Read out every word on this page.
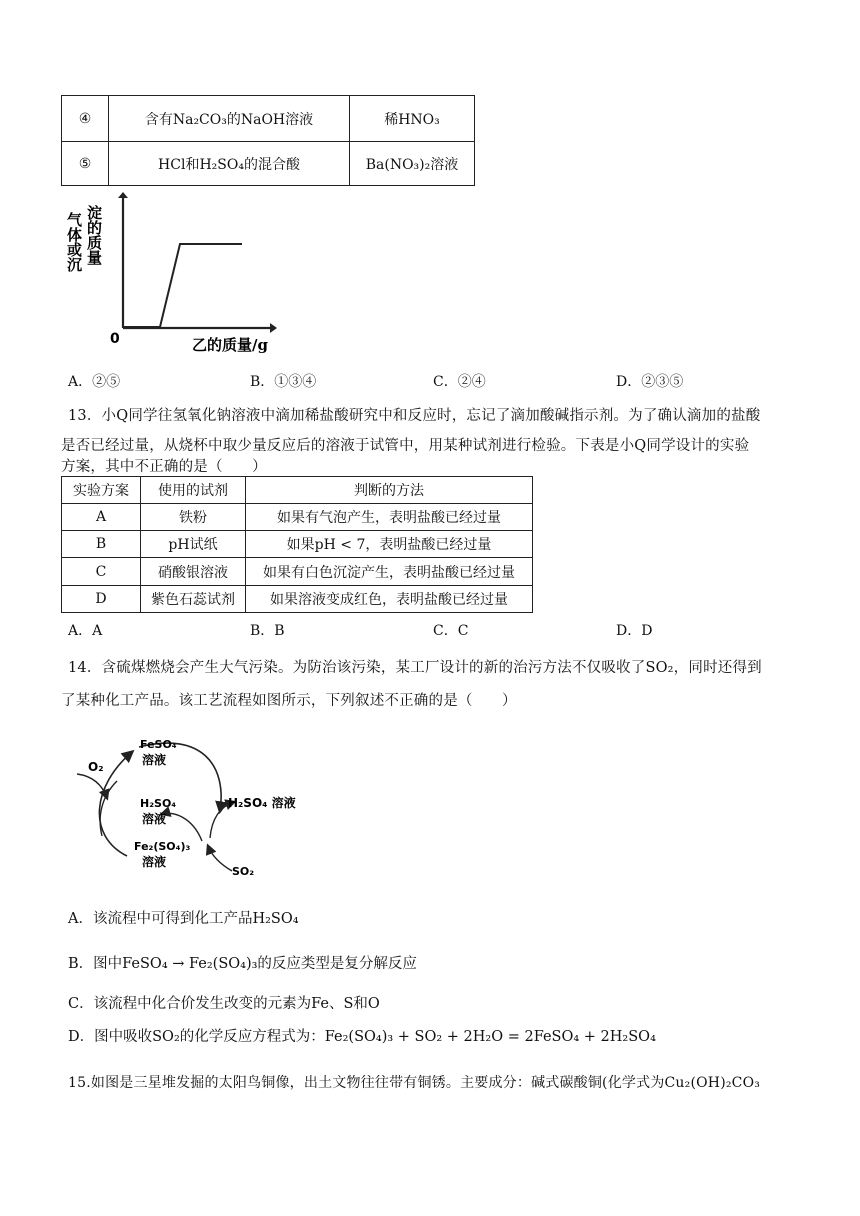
④	含有Na₂CO₃的NaOH溶液	稀HNO₃
⑤	HCl和H₂SO₄的混合酸	Ba(NO₃)₂溶液
气体或沉 淀的质量
0	乙的质量/g
A．②⑤	B．①③④	C．②④	D．②③⑤
13．小Q同学往氢氧化钠溶液中滴加稀盐酸研究中和反应时，忘记了滴加酸碱指示剂。为了确认滴加的盐酸
是否已经过量，从烧杯中取少量反应后的溶液于试管中，用某种试剂进行检验。下表是小Q同学设计的实验
方案，其中不正确的是（　　）
实验方案	使用的试剂	判断的方法
A	铁粉	如果有气泡产生，表明盐酸已经过量
B	pH试纸	如果pH < 7，表明盐酸已经过量
C	硝酸银溶液	如果有白色沉淀产生，表明盐酸已经过量
D	紫色石蕊试剂	如果溶液变成红色，表明盐酸已经过量
A．A	B．B	C．C	D．D
14．含硫煤燃烧会产生大气污染。为防治该污染，某工厂设计的新的治污方法不仅吸收了SO₂，同时还得到
了某种化工产品。该工艺流程如图所示，下列叙述不正确的是（　　）
FeSO₄
溶液
O₂
H₂SO₄
溶液
H₂SO₄ 溶液
Fe₂(SO₄)₃
溶液
SO₂
A．该流程中可得到化工产品H₂SO₄
B．图中FeSO₄ → Fe₂(SO₄)₃的反应类型是复分解反应
C．该流程中化合价发生改变的元素为Fe、S和O
D．图中吸收SO₂的化学反应方程式为：Fe₂(SO₄)₃ + SO₂ + 2H₂O = 2FeSO₄ + 2H₂SO₄
15.如图是三星堆发掘的太阳鸟铜像，出土文物往往带有铜锈。主要成分：碱式碳酸铜(化学式为Cu₂(OH)₂CO₃
